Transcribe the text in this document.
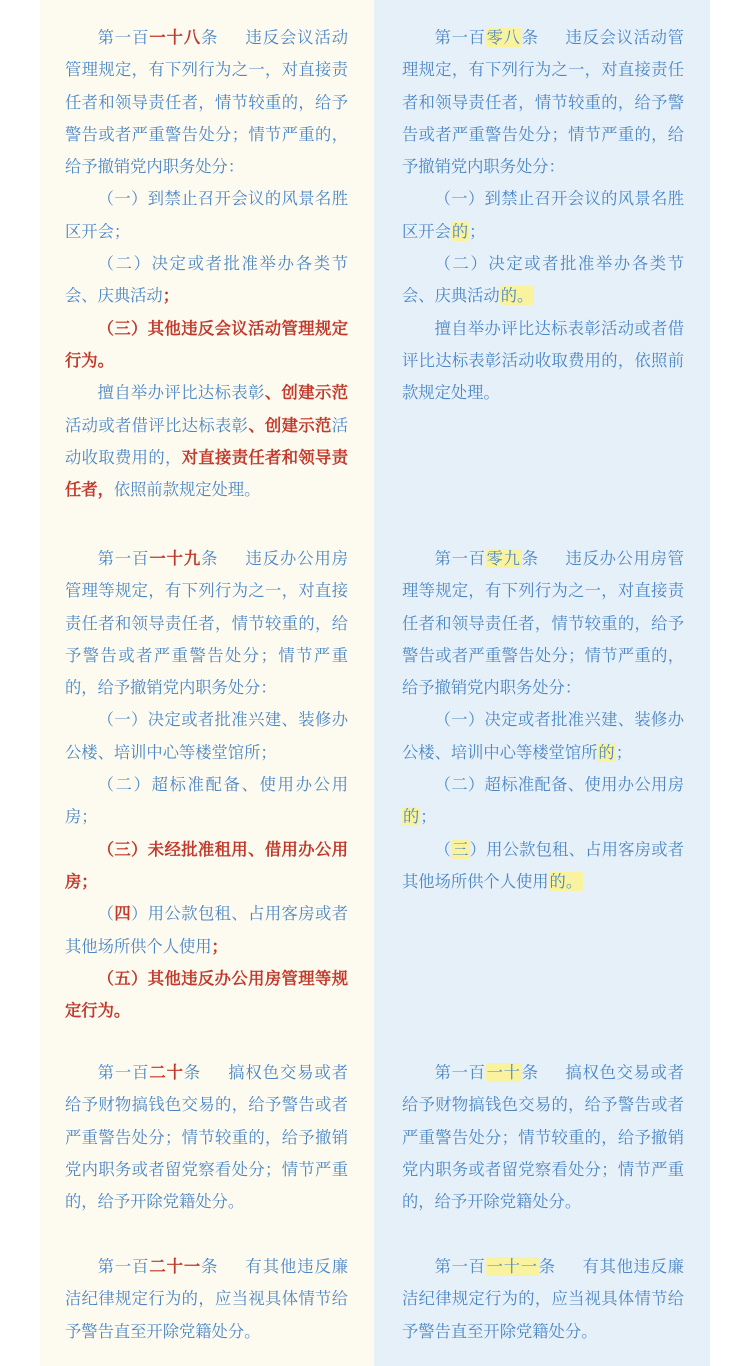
第一百一十八条 违反会议活动管理规定，有下列行为之一，对直接责任者和领导责任者，情节较重的，给予警告或者严重警告处分；情节严重的，给予撤销党内职务处分：

（一）到禁止召开会议的风景名胜区开会；

（二）决定或者批准举办各类节会、庆典活动；

（三）其他违反会议活动管理规定行为。

擅自举办评比达标表彰、创建示范活动或者借评比达标表彰、创建示范活动收取费用的，对直接责任者和领导责任者，依照前款规定处理。

第一百一十九条 违反办公用房管理等规定，有下列行为之一，对直接责任者和领导责任者，情节较重的，给予警告或者严重警告处分；情节严重的，给予撤销党内职务处分：

（一）决定或者批准兴建、装修办公楼、培训中心等楼堂馆所；

（二）超标准配备、使用办公用房；

（三）未经批准租用、借用办公用房；

（四）用公款包租、占用客房或者其他场所供个人使用；

（五）其他违反办公用房管理等规定行为。

第一百二十条 搞权色交易或者给予财物搞钱色交易的，给予警告或者严重警告处分；情节较重的，给予撤销党内职务或者留党察看处分；情节严重的，给予开除党籍处分。

第一百二十一条 有其他违反廉洁纪律规定行为的，应当视具体情节给予警告直至开除党籍处分。

第一百零八条 违反会议活动管理规定，有下列行为之一，对直接责任者和领导责任者，情节较重的，给予警告或者严重警告处分；情节严重的，给予撤销党内职务处分：

（一）到禁止召开会议的风景名胜区开会的；

（二）决定或者批准举办各类节会、庆典活动的。

擅自举办评比达标表彰活动或者借评比达标表彰活动收取费用的，依照前款规定处理。

第一百零九条 违反办公用房管理等规定，有下列行为之一，对直接责任者和领导责任者，情节较重的，给予警告或者严重警告处分；情节严重的，给予撤销党内职务处分：

（一）决定或者批准兴建、装修办公楼、培训中心等楼堂馆所的；

（二）超标准配备、使用办公用房的；

（三）用公款包租、占用客房或者其他场所供个人使用的。

第一百一十条 搞权色交易或者给予财物搞钱色交易的，给予警告或者严重警告处分；情节较重的，给予撤销党内职务或者留党察看处分；情节严重的，给予开除党籍处分。

第一百一十一条 有其他违反廉洁纪律规定行为的，应当视具体情节给予警告直至开除党籍处分。
